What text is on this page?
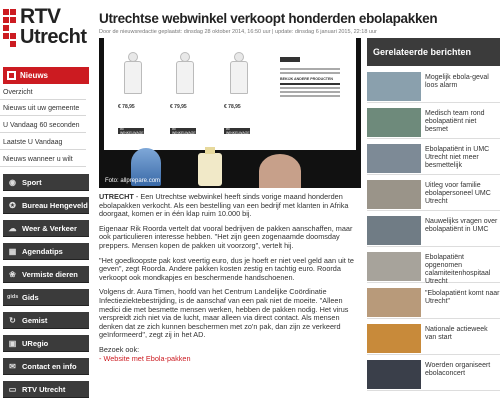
RTV
Utrecht
Nieuws
Overzicht
Nieuws uit uw gemeente
U Vandaag 60 seconden
Laatste U Vandaag
Nieuws wanneer u wilt
◉ Sport
✪ Bureau Hengeveld
☁ Weer & Verkeer
▦ Agendatips
❀ Vermiste dieren
gids Gids
↻ Gemist
▣ URegio
✉ Contact en info
▭ RTV Utrecht
Utrechtse webwinkel verkoopt honderden ebolapakken
Door de nieuwsredactie geplaatst: dinsdag 28 oktober 2014, 16:50 uur | update: dinsdag 6 januari 2015, 22:18 uur
€ 78,95	€ 79,95	€ 78,95
IN WINKELWAGEN
IN WINKELWAGEN
IN WINKELWAGEN
BEKIJK ANDERE PRODUCTEN
Foto: allprepare.com

UTRECHT - Een Utrechtse webwinkel heeft sinds vorige maand honderden ebolapakken verkocht. Als een bestelling van een bedrijf met klanten in Afrika doorgaat, komen er in één klap ruim 10.000 bij.

Eigenaar Rik Roorda vertelt dat vooral bedrijven de pakken aanschaffen, maar ook particulieren interesse hebben. "Het zijn geen zogenaamde doomsday preppers. Mensen kopen de pakken uit voorzorg", vertelt hij.

"Het goedkoopste pak kost veertig euro, dus je hoeft er niet veel geld aan uit te geven", zegt Roorda. Andere pakken kosten zestig en tachtig euro. Roorda verkoopt ook mondkapjes en beschermende handschoenen.

Volgens dr. Aura Timen, hoofd van het Centrum Landelijke Coördinatie Infectieziektebestrijding, is de aanschaf van een pak niet de moeite. "Alleen medici die met besmette mensen werken, hebben de pakken nodig. Het virus verspreidt zich niet via de lucht, maar alleen via direct contact. Als mensen denken dat ze zich kunnen beschermen met zo'n pak, dan zijn ze verkeerd geïnformeerd", zegt zij in het AD.

Bezoek ook:
- Website met Ebola-pakken
Gerelateerde berichten
Mogelijk ebola-geval loos alarm
Medisch team rond ebolapatiënt niet besmet
Ebolapatiënt in UMC Utrecht niet meer besmettelijk
Uitleg voor familie ebolapersoneel UMC Utrecht
Nauwelijks vragen over ebolapatiënt in UMC
Ebolapatiënt opgenomen calamiteitenhospitaal Utrecht
"Ebolapatiënt komt naar Utrecht"
Nationale actieweek van start
Woerden organiseert ebolaconcert
